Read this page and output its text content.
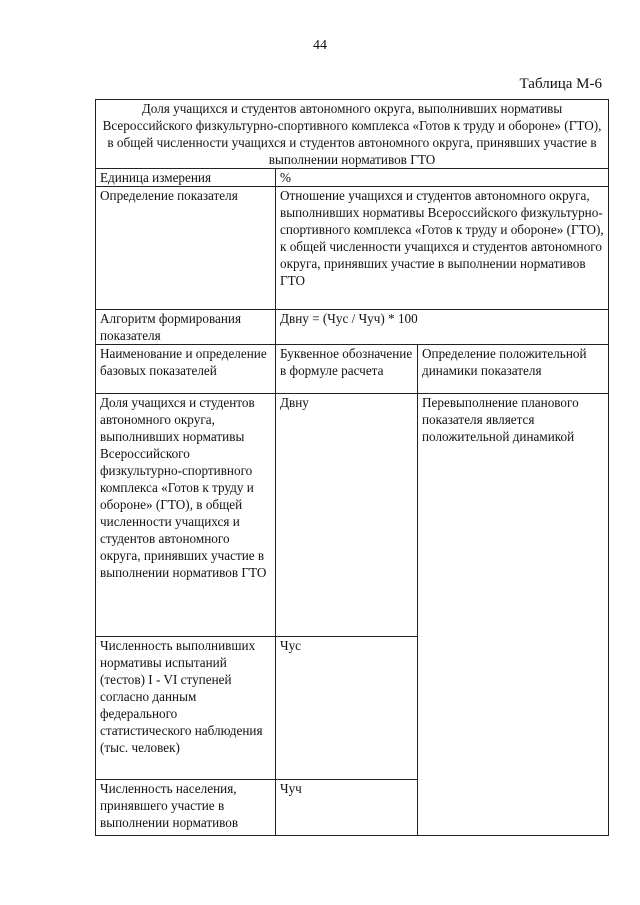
44
Таблица М-6
Доля учащихся и студентов автономного округа, выполнивших нормативы Всероссийского физкультурно-спортивного комплекса «Готов к труду и обороне» (ГТО), в общей численности учащихся и студентов автономного округа, принявших участие в выполнении нормативов ГТО		
Единица измерения	%	
Определение показателя	Отношение учащихся и студентов автономного округа, выполнивших нормативы Всероссийского физкультурно-спортивного комплекса «Готов к труду и обороне» (ГТО), к общей численности учащихся и студентов автономного округа, принявших участие в выполнении нормативов ГТО	
Алгоритм формирования показателя	Двну = (Чус / Чуч) * 100	
Наименование и определение базовых показателей	Буквенное обозначение в формуле расчета	Определение положительной динамики показателя
Доля учащихся и студентов автономного округа, выполнивших нормативы Всероссийского физкультурно-спортивного комплекса «Готов к труду и обороне» (ГТО), в общей численности учащихся и студентов автономного округа, принявших участие в выполнении нормативов ГТО	Двну	Перевыполнение планового показателя является положительной динамикой
Численность выполнивших нормативы испытаний (тестов) I - VI ступеней согласно данным федерального статистического наблюдения (тыс. человек)	Чус	
Численность населения, принявшего участие в выполнении нормативов	Чуч	
